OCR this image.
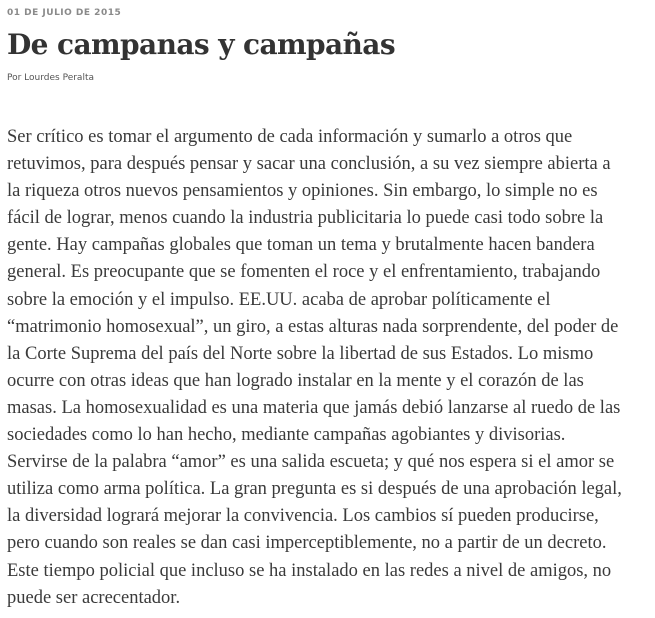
01 DE JULIO DE 2015
De campanas y campañas
Por Lourdes Peralta
Ser crítico es tomar el argumento de cada información y sumarlo a otros que
retuvimos, para después pensar y sacar una conclusión, a su vez siempre abierta a
la riqueza otros nuevos pensamientos y opiniones. Sin embargo, lo simple no es
fácil de lograr, menos cuando la industria publicitaria lo puede casi todo sobre la
gente. Hay campañas globales que toman un tema y brutalmente hacen bandera
general. Es preocupante que se fomenten el roce y el enfrentamiento, trabajando
sobre la emoción y el impulso. EE.UU. acaba de aprobar políticamente el
“matrimonio homosexual”, un giro, a estas alturas nada sorprendente, del poder de
la Corte Suprema del país del Norte sobre la libertad de sus Estados. Lo mismo
ocurre con otras ideas que han logrado instalar en la mente y el corazón de las
masas. La homosexualidad es una materia que jamás debió lanzarse al ruedo de las
sociedades como lo han hecho, mediante campañas agobiantes y divisorias.
Servirse de la palabra “amor” es una salida escueta; y qué nos espera si el amor se
utiliza como arma política. La gran pregunta es si después de una aprobación legal,
la diversidad logrará mejorar la convivencia. Los cambios sí pueden producirse,
pero cuando son reales se dan casi imperceptiblemente, no a partir de un decreto.
Este tiempo policial que incluso se ha instalado en las redes a nivel de amigos, no
puede ser acrecentador.
